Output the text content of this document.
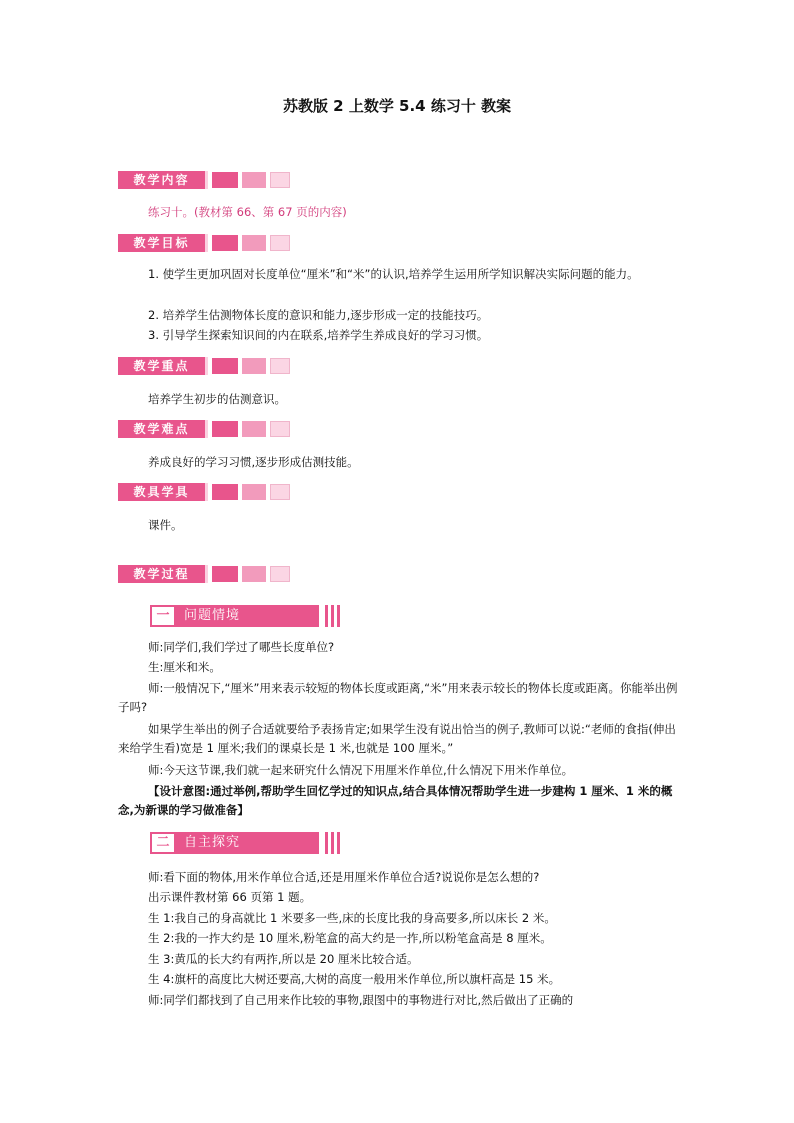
苏教版 2 上数学 5.4 练习十 教案
教学内容
练习十。(教材第 66、第 67 页的内容)
教学目标
1. 使学生更加巩固对长度单位“厘米”和“米”的认识,培养学生运用所学知识解决实际问题的能力。
2. 培养学生估测物体长度的意识和能力,逐步形成一定的技能技巧。
3. 引导学生探索知识间的内在联系,培养学生养成良好的学习习惯。
教学重点
培养学生初步的估测意识。
教学难点
养成良好的学习习惯,逐步形成估测技能。
教具学具
课件。
教学过程
一	问题情境
师:同学们,我们学过了哪些长度单位?
生:厘米和米。
师:一般情况下,“厘米”用来表示较短的物体长度或距离,“米”用来表示较长的物体长度或距离。你能举出例子吗?
如果学生举出的例子合适就要给予表扬肯定;如果学生没有说出恰当的例子,教师可以说:“老师的食指(伸出来给学生看)宽是 1 厘米;我们的课桌长是 1 米,也就是 100 厘米。”
师:今天这节课,我们就一起来研究什么情况下用厘米作单位,什么情况下用米作单位。
【设计意图:通过举例,帮助学生回忆学过的知识点,结合具体情况帮助学生进一步建构 1 厘米、1 米的概念,为新课的学习做准备】
二	自主探究
师:看下面的物体,用米作单位合适,还是用厘米作单位合适?说说你是怎么想的?
出示课件教材第 66 页第 1 题。
生 1:我自己的身高就比 1 米要多一些,床的长度比我的身高要多,所以床长 2 米。
生 2:我的一拃大约是 10 厘米,粉笔盒的高大约是一拃,所以粉笔盒高是 8 厘米。
生 3:黄瓜的长大约有两拃,所以是 20 厘米比较合适。
生 4:旗杆的高度比大树还要高,大树的高度一般用米作单位,所以旗杆高是 15 米。
师:同学们都找到了自己用来作比较的事物,跟图中的事物进行对比,然后做出了正确的
